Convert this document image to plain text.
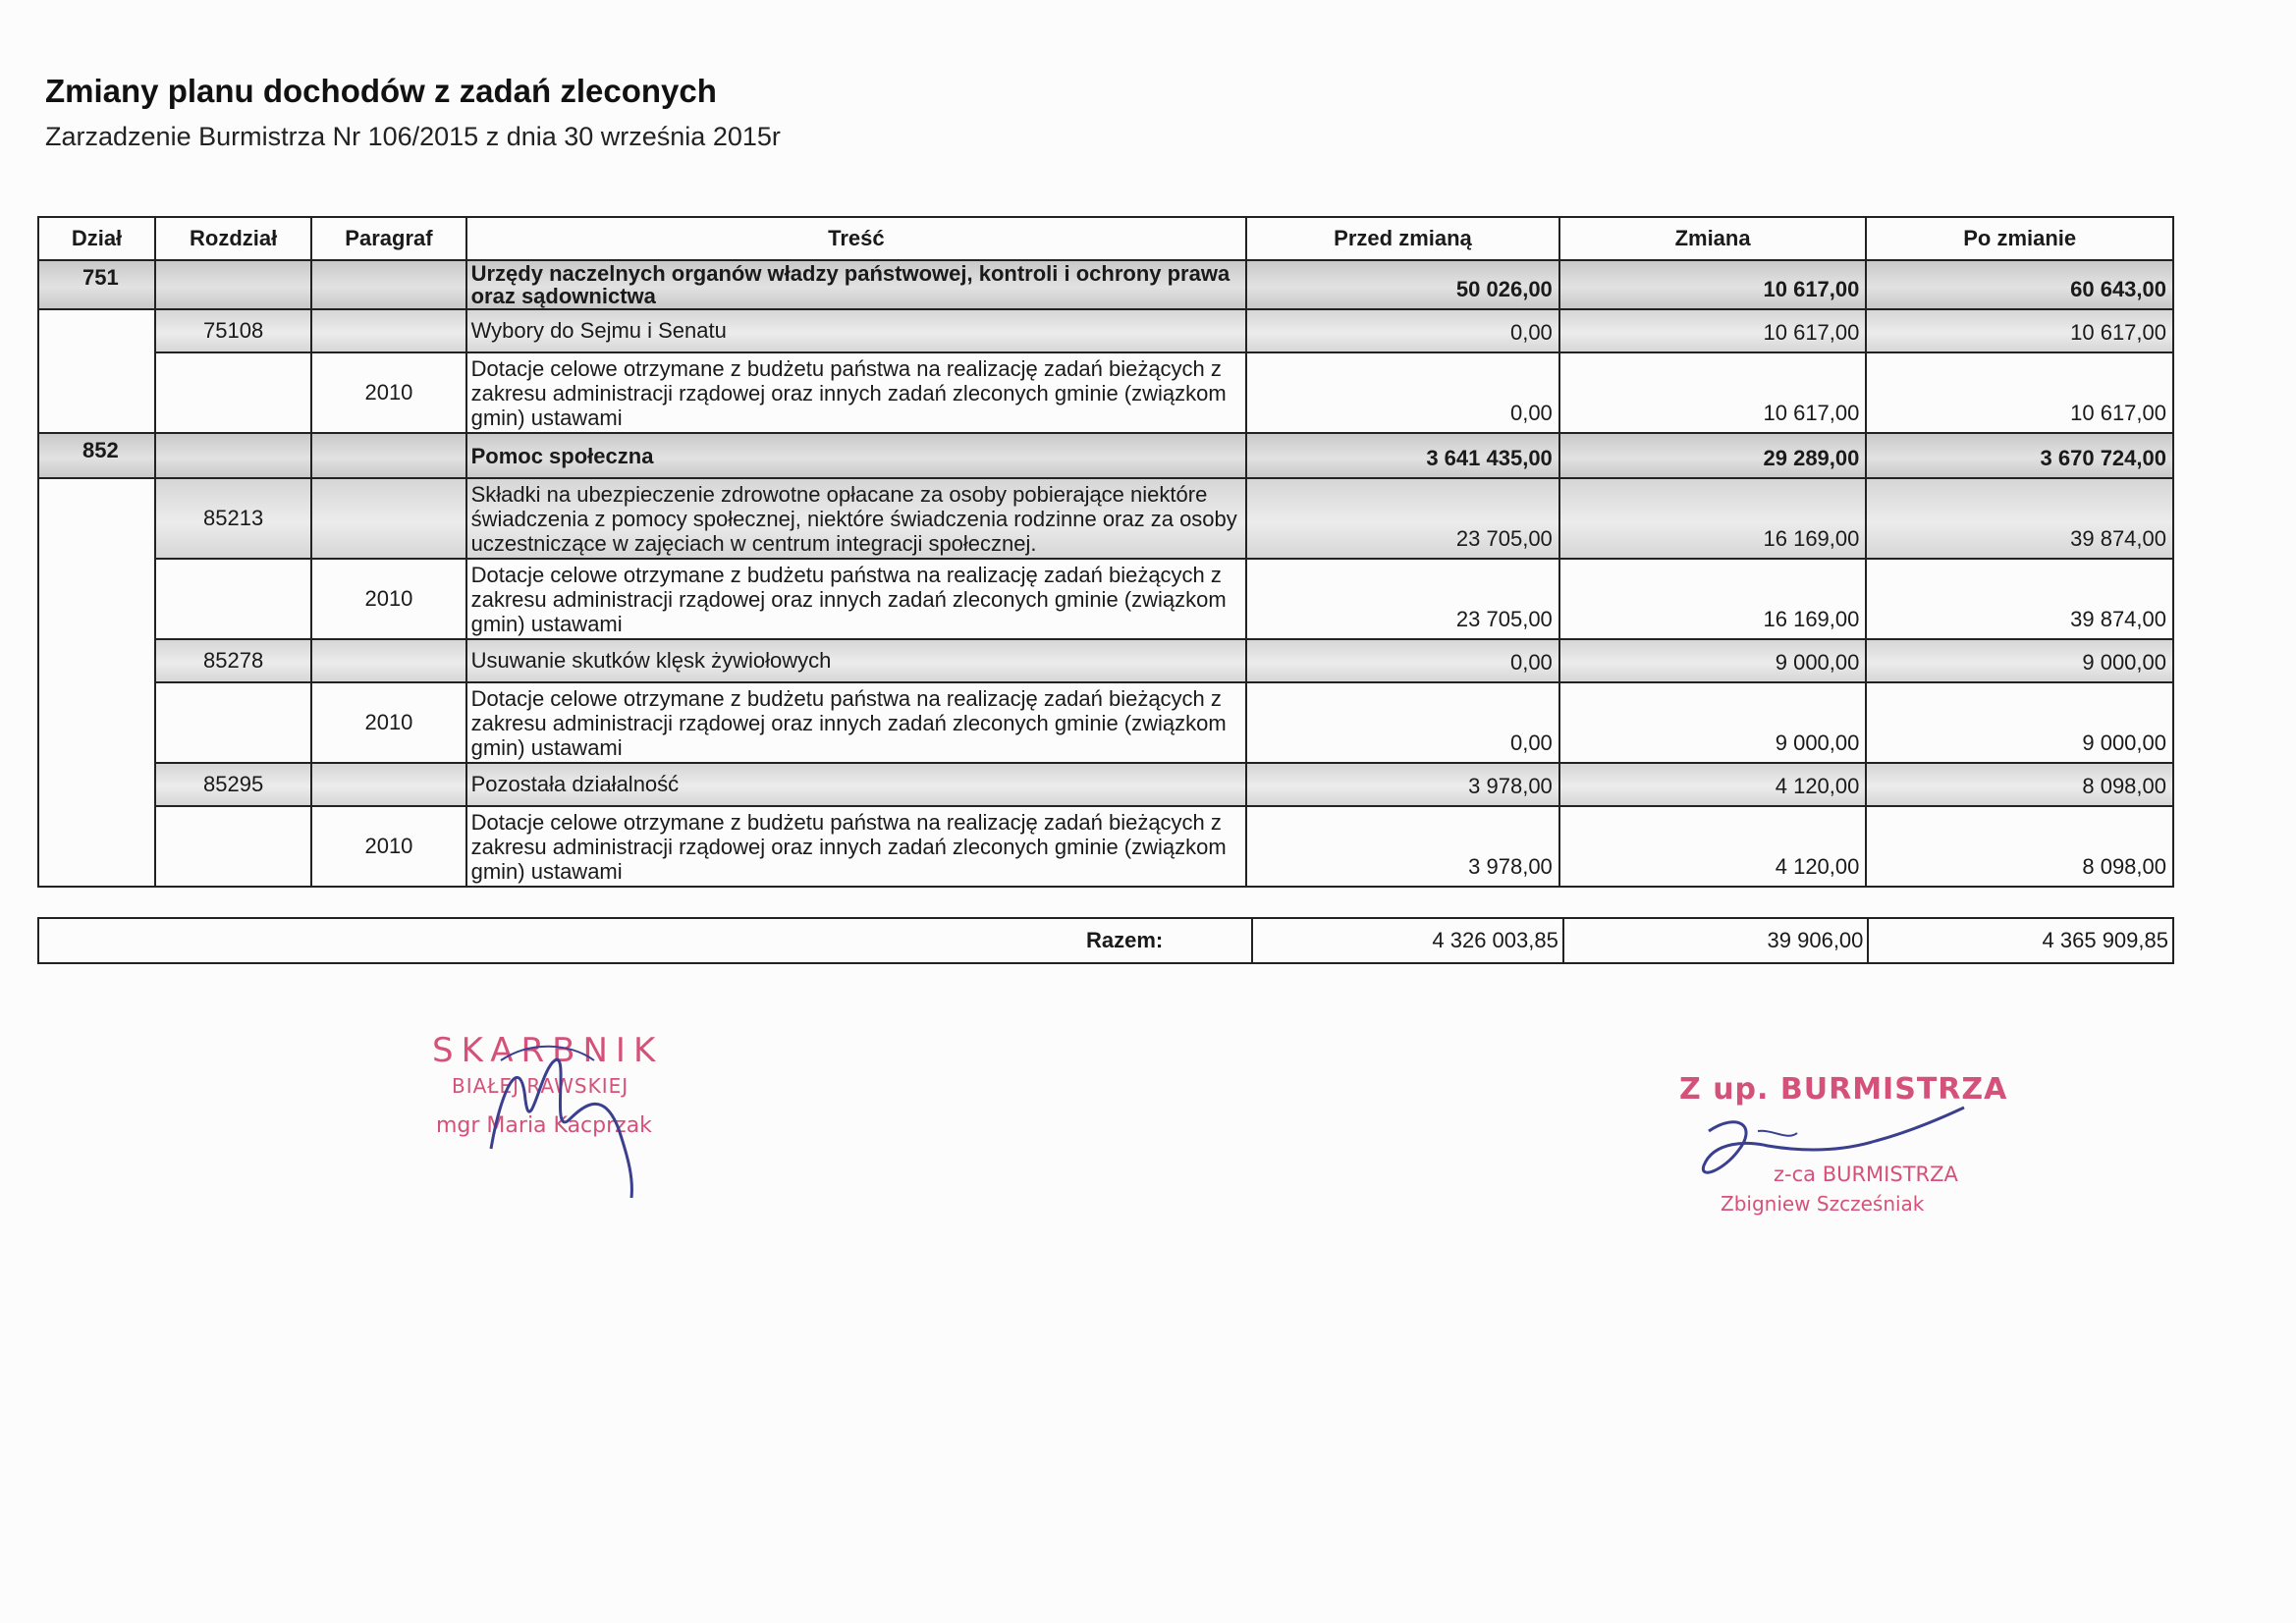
Zmiany planu dochodów z zadań zleconych
Zarzadzenie Burmistrza Nr 106/2015 z dnia 30 września 2015r
Dział	Rozdział	Paragraf	Treść	Przed zmianą	Zmiana	Po zmianie
751			Urzędy naczelnych organów władzy państwowej, kontroli i ochrony prawa oraz sądownictwa	50 026,00	10 617,00	60 643,00
	75108		Wybory do Sejmu i Senatu	0,00	10 617,00	10 617,00
		2010	Dotacje celowe otrzymane z budżetu państwa na realizację zadań bieżących z zakresu administracji rządowej oraz innych zadań zleconych gminie (związkom gmin) ustawami	0,00	10 617,00	10 617,00
852			Pomoc społeczna	3 641 435,00	29 289,00	3 670 724,00
	85213		Składki na ubezpieczenie zdrowotne opłacane za osoby pobierające niektóre świadczenia z pomocy społecznej, niektóre świadczenia rodzinne oraz za osoby uczestniczące w zajęciach w centrum integracji społecznej.	23 705,00	16 169,00	39 874,00
		2010	Dotacje celowe otrzymane z budżetu państwa na realizację zadań bieżących z zakresu administracji rządowej oraz innych zadań zleconych gminie (związkom gmin) ustawami	23 705,00	16 169,00	39 874,00
	85278		Usuwanie skutków klęsk żywiołowych	0,00	9 000,00	9 000,00
		2010	Dotacje celowe otrzymane z budżetu państwa na realizację zadań bieżących z zakresu administracji rządowej oraz innych zadań zleconych gminie (związkom gmin) ustawami	0,00	9 000,00	9 000,00
	85295		Pozostała działalność	3 978,00	4 120,00	8 098,00
		2010	Dotacje celowe otrzymane z budżetu państwa na realizację zadań bieżących z zakresu administracji rządowej oraz innych zadań zleconych gminie (związkom gmin) ustawami	3 978,00	4 120,00	8 098,00
Razem:	4 326 003,85	39 906,00	4 365 909,85
SKARBNIK
BIAŁEJ RAWSKIEJ
mgr Maria Kacprzak
Z up. BURMISTRZA
z-ca BURMISTRZA
Zbigniew Szcześniak
